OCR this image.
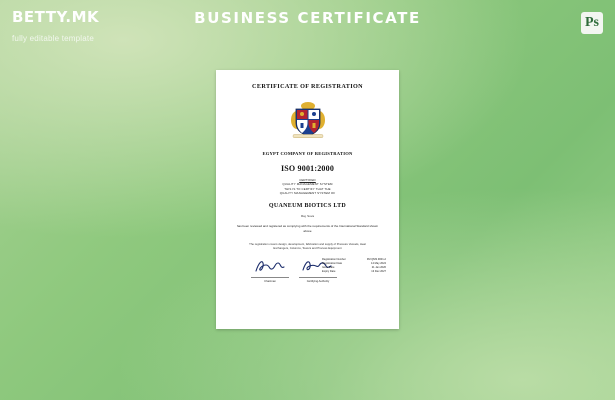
BETTY.MK
fully editable template
BUSINESS CERTIFICATE	Ps
CERTIFICATE OF REGISTRATION
EGYPT COMPANY OF REGISTRATION
ISO 9001:2000
CERTIFIED
QUALITY MANAGEMENT SYSTEM
THIS IS TO CERTIFY THAT THE
QUALITY MANAGEMENT SYSTEM OF
QUANEUM BIOTICS LTD
Raj, Suva
has been reviewed and registered as complying with the requirements of the International Standard shown above
The registration covers design, development, fabrication and supply of Pressure Vessels, Heat Exchangers, Columns, Towers and Process Equipment
Chairman	Certifying Authority
Registration Number	FM QMS 9001-2
Registration Date	14 May 2024
Issue Date	21 Jan 2026
Expiry Date	13 Dec 2027
